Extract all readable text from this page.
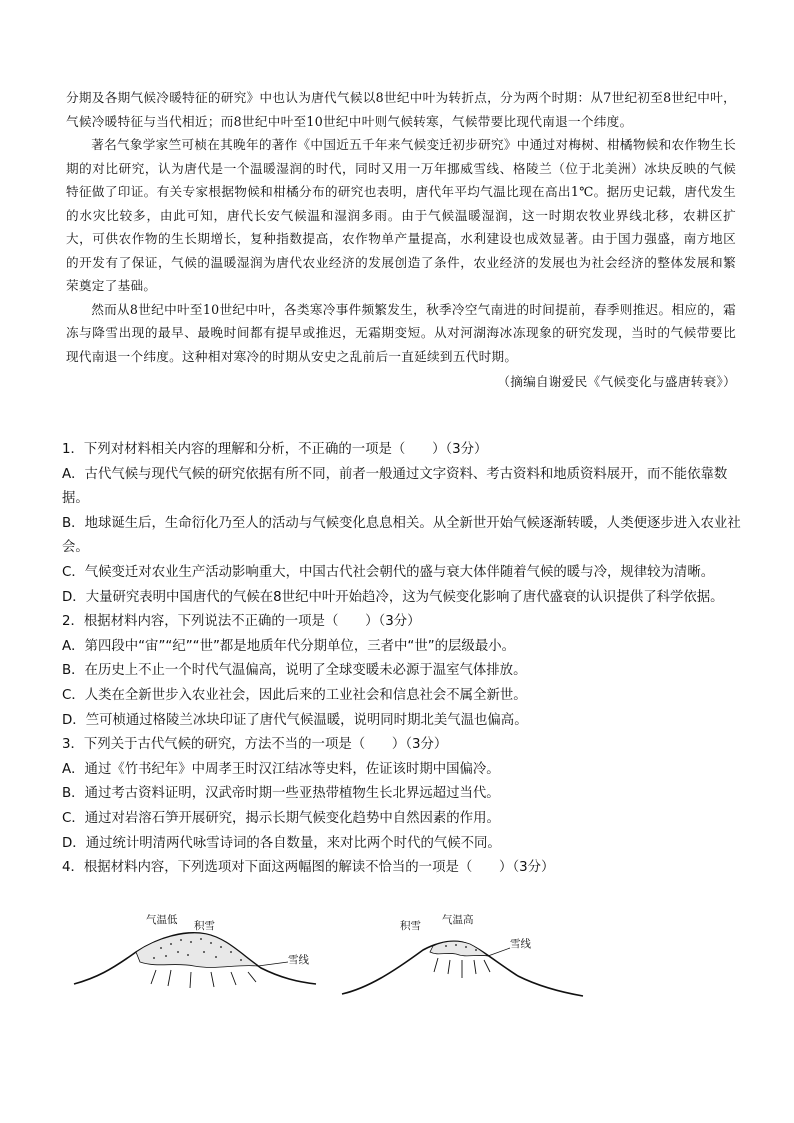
分期及各期气候冷暖特征的研究》中也认为唐代气候以8世纪中叶为转折点，分为两个时期：从7世纪初至8世纪中叶，气候冷暖特征与当代相近；而8世纪中叶至10世纪中叶则气候转寒，气候带要比现代南退一个纬度。

著名气象学家竺可桢在其晚年的著作《中国近五千年来气候变迁初步研究》中通过对梅树、柑橘物候和农作物生长期的对比研究，认为唐代是一个温暖湿润的时代，同时又用一万年挪威雪线、格陵兰（位于北美洲）冰块反映的气候特征做了印证。有关专家根据物候和柑橘分布的研究也表明，唐代年平均气温比现在高出1℃。据历史记载，唐代发生的水灾比较多，由此可知，唐代长安气候温和湿润多雨。由于气候温暖湿润，这一时期农牧业界线北移，农耕区扩大，可供农作物的生长期增长，复种指数提高，农作物单产量提高，水利建设也成效显著。由于国力强盛，南方地区的开发有了保证，气候的温暖湿润为唐代农业经济的发展创造了条件，农业经济的发展也为社会经济的整体发展和繁荣奠定了基础。

然而从8世纪中叶至10世纪中叶，各类寒冷事件频繁发生，秋季冷空气南进的时间提前，春季则推迟。相应的，霜冻与降雪出现的最早、最晚时间都有提早或推迟，无霜期变短。从对河湖海冰冻现象的研究发现，当时的气候带要比现代南退一个纬度。这种相对寒冷的时期从安史之乱前后一直延续到五代时期。

（摘编自谢爱民《气候变化与盛唐转衰》）

1．下列对材料相关内容的理解和分析，不正确的一项是（　　）（3分）

A．古代气候与现代气候的研究依据有所不同，前者一般通过文字资料、考古资料和地质资料展开，而不能依靠数据。

B．地球诞生后，生命衍化乃至人的活动与气候变化息息相关。从全新世开始气候逐渐转暖，人类便逐步进入农业社会。

C．气候变迁对农业生产活动影响重大，中国古代社会朝代的盛与衰大体伴随着气候的暖与冷，规律较为清晰。

D．大量研究表明中国唐代的气候在8世纪中叶开始趋冷，这为气候变化影响了唐代盛衰的认识提供了科学依据。

2．根据材料内容，下列说法不正确的一项是（　　）（3分）

A．第四段中“宙”“纪”“世”都是地质年代分期单位，三者中“世”的层级最小。

B．在历史上不止一个时代气温偏高，说明了全球变暖未必源于温室气体排放。

C．人类在全新世步入农业社会，因此后来的工业社会和信息社会不属全新世。

D．竺可桢通过格陵兰冰块印证了唐代气候温暖，说明同时期北美气温也偏高。

3．下列关于古代气候的研究，方法不当的一项是（　　）（3分）

A．通过《竹书纪年》中周孝王时汉江结冰等史料，佐证该时期中国偏冷。

B．通过考古资料证明，汉武帝时期一些亚热带植物生长北界远超过当代。

C．通过对岩溶石笋开展研究，揭示长期气候变化趋势中自然因素的作用。

D．通过统计明清两代咏雪诗词的各自数量，来对比两个时代的气候不同。

4．根据材料内容，下列选项对下面这两幅图的解读不恰当的一项是（　　）（3分）

气温低 积雪
雪线
积雪 气温高
雪线
